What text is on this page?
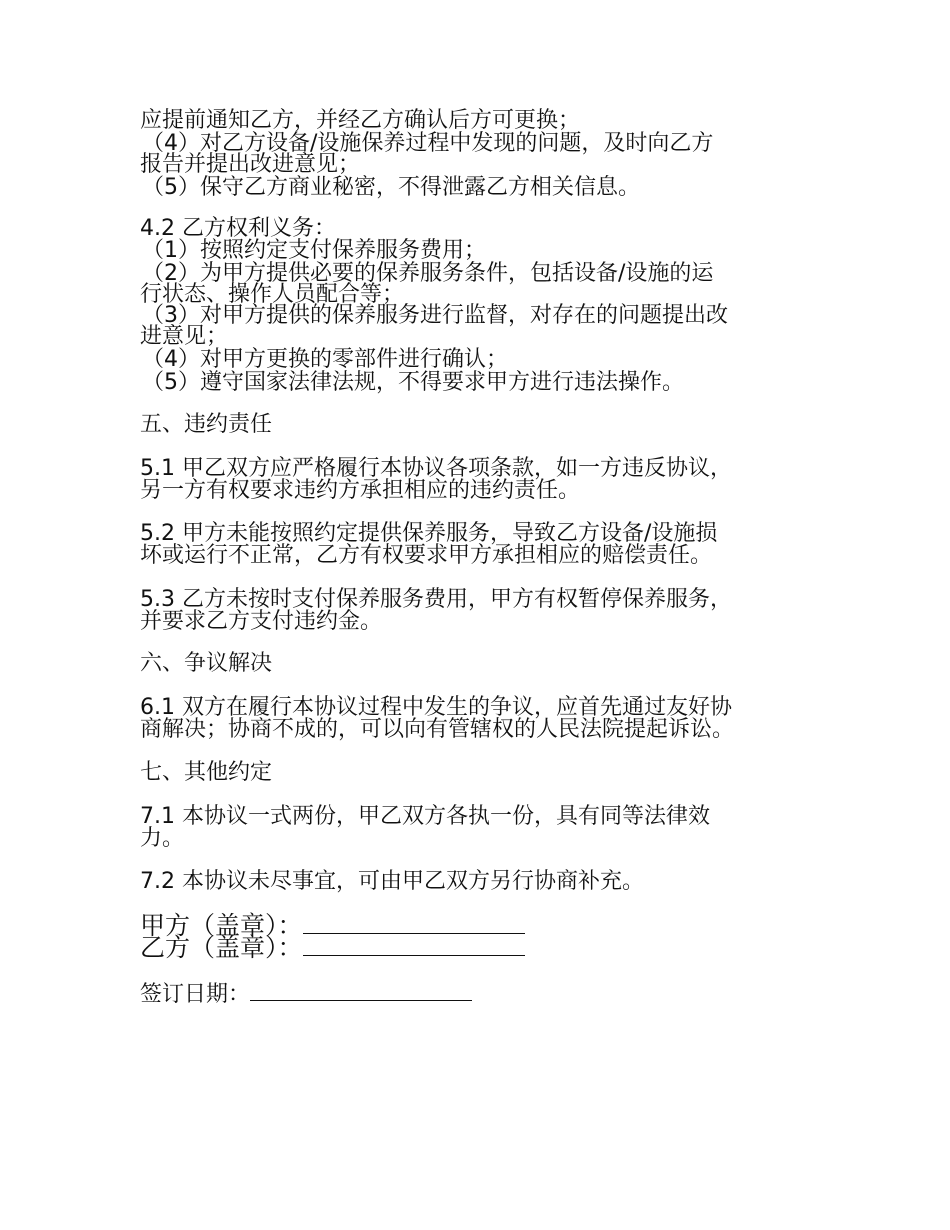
应提前通知乙方，并经乙方确认后方可更换；
（4）对乙方设备/设施保养过程中发现的问题，及时向乙方
报告并提出改进意见；
（5）保守乙方商业秘密，不得泄露乙方相关信息。
4.2 乙方权利义务：
（1）按照约定支付保养服务费用；
（2）为甲方提供必要的保养服务条件，包括设备/设施的运
行状态、操作人员配合等；
（3）对甲方提供的保养服务进行监督，对存在的问题提出改
进意见；
（4）对甲方更换的零部件进行确认；
（5）遵守国家法律法规，不得要求甲方进行违法操作。
五、违约责任
5.1 甲乙双方应严格履行本协议各项条款，如一方违反协议，
另一方有权要求违约方承担相应的违约责任。
5.2 甲方未能按照约定提供保养服务，导致乙方设备/设施损
坏或运行不正常，乙方有权要求甲方承担相应的赔偿责任。
5.3 乙方未按时支付保养服务费用，甲方有权暂停保养服务，
并要求乙方支付违约金。
六、争议解决
6.1 双方在履行本协议过程中发生的争议，应首先通过友好协
商解决；协商不成的，可以向有管辖权的人民法院提起诉讼。
七、其他约定
7.1 本协议一式两份，甲乙双方各执一份，具有同等法律效
力。
7.2 本协议未尽事宜，可由甲乙双方另行协商补充。
甲方（盖章）：
乙方（盖章）：
签订日期：
